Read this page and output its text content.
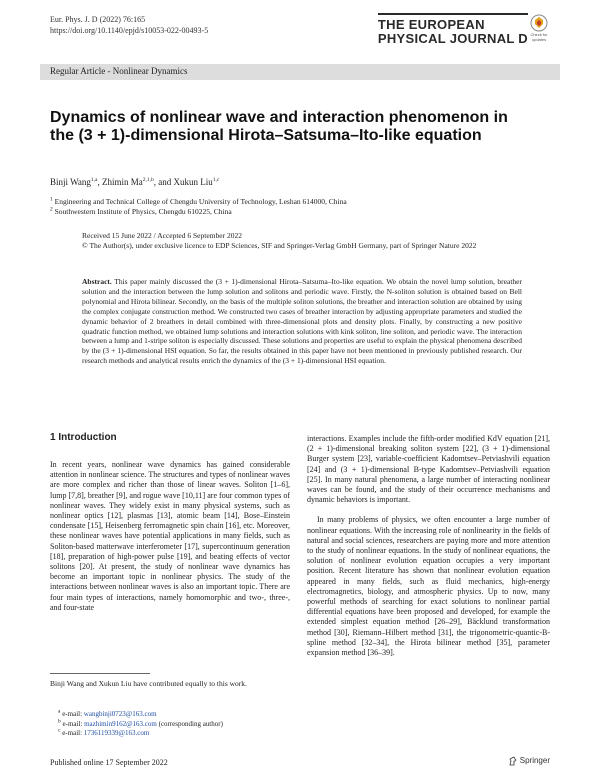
Eur. Phys. J. D (2022) 76:165
https://doi.org/10.1140/epjd/s10053-022-00493-5	THE EUROPEAN
PHYSICAL JOURNAL D Check for
updates
Regular Article - Nonlinear Dynamics
Dynamics of nonlinear wave and interaction phenomenon in the (3 + 1)-dimensional Hirota–Satsuma–Ito-like equation
Binji Wang$^{1,a}$, Zhimin Ma$^{2,1,b}$, and Xukun Liu$^{1,c}$
$^1$ Engineering and Technical College of Chengdu University of Technology, Leshan 614000, China
$^2$ Southwestern Institute of Physics, Chengdu 610225, China
Received 15 June 2022 / Accepted 6 September 2022
© The Author(s), under exclusive licence to EDP Sciences, SIF and Springer-Verlag GmbH Germany, part of Springer Nature 2022
Abstract. This paper mainly discussed the (3 + 1)-dimensional Hirota–Satsuma–Ito-like equation. We obtain the novel lump solution, breather solution and the interaction between the lump solution and solitons and periodic wave. Firstly, the N-soliton solution is obtained based on Bell polynomial and Hirota bilinear. Secondly, on the basis of the multiple soliton solutions, the breather and interaction solution are obtained by using the complex conjugate construction method. We constructed two cases of breather interaction by adjusting appropriate parameters and studied the dynamic behavior of 2 breathers in detail combined with three-dimensional plots and density plots. Finally, by constructing a new positive quadratic function method, we obtained lump solutions and interaction solutions with kink soliton, line soliton, and periodic wave. The interaction between a lump and 1-stripe soliton is especially discussed. These solutions and properties are useful to explain the physical phenomena described by the (3 + 1)-dimensional HSI equation. So far, the results obtained in this paper have not been mentioned in previously published research. Our research methods and analytical results enrich the dynamics of the (3 + 1)-dimensional HSI equation.
1 Introduction
In recent years, nonlinear wave dynamics has gained considerable attention in nonlinear science. The structures and types of nonlinear waves are more complex and richer than those of linear waves. Soliton [1–6], lump [7,8], breather [9], and rogue wave [10,11] are four common types of nonlinear waves. They widely exist in many physical systems, such as nonlinear optics [12], plasmas [13], atomic beam [14], Bose–Einstein condensate [15], Heisenberg ferromagnetic spin chain [16], etc. Moreover, these nonlinear waves have potential applications in many fields, such as Soliton-based matterwave interferometer [17], supercontinuum generation [18], preparation of high-power pulse [19], and beating effects of vector solitons [20]. At present, the study of nonlinear wave dynamics has become an important topic in nonlinear physics. The study of the interactions between nonlinear waves is also an important topic. There are four main types of interactions, namely homomorphic and two-, three-, and four-state

interactions. Examples include the fifth-order modified KdV equation [21], (2 + 1)-dimensional breaking soliton system [22], (3 + 1)-dimensional Burger system [23], variable-coefficient Kadomtsev–Petviashvili equation [24] and (3 + 1)-dimensional B-type Kadomtsev–Petviashvili equation [25]. In many natural phenomena, a large number of interacting nonlinear waves can be found, and the study of their occurrence mechanisms and dynamic behaviors is important.

In many problems of physics, we often encounter a large number of nonlinear equations. With the increasing role of nonlinearity in the fields of natural and social sciences, researchers are paying more and more attention to the study of nonlinear equations. In the study of nonlinear equations, the solution of nonlinear evolution equation occupies a very important position. Recent literature has shown that nonlinear evolution equation appeared in many fields, such as fluid mechanics, high-energy electromagnetics, biology, and atmospheric physics. Up to now, many powerful methods of searching for exact solutions to nonlinear partial differential equations have been proposed and developed, for example the extended simplest equation method [26–29], Bäcklund transformation method [30], Riemann–Hilbert method [31], the trigonometric-quantic-B-spline method [32–34], the Hirota bilinear method [35], parameter expansion method [36–39].

Binji Wang and Xukun Liu have contributed equally to this work.
$^a$ e-mail: wangbinji0723@163.com
$^b$ e-mail: mazhimin9162@163.com (corresponding author)
$^c$ e-mail: 1736119339@163.com
Published online 17 September 2022	Springer
